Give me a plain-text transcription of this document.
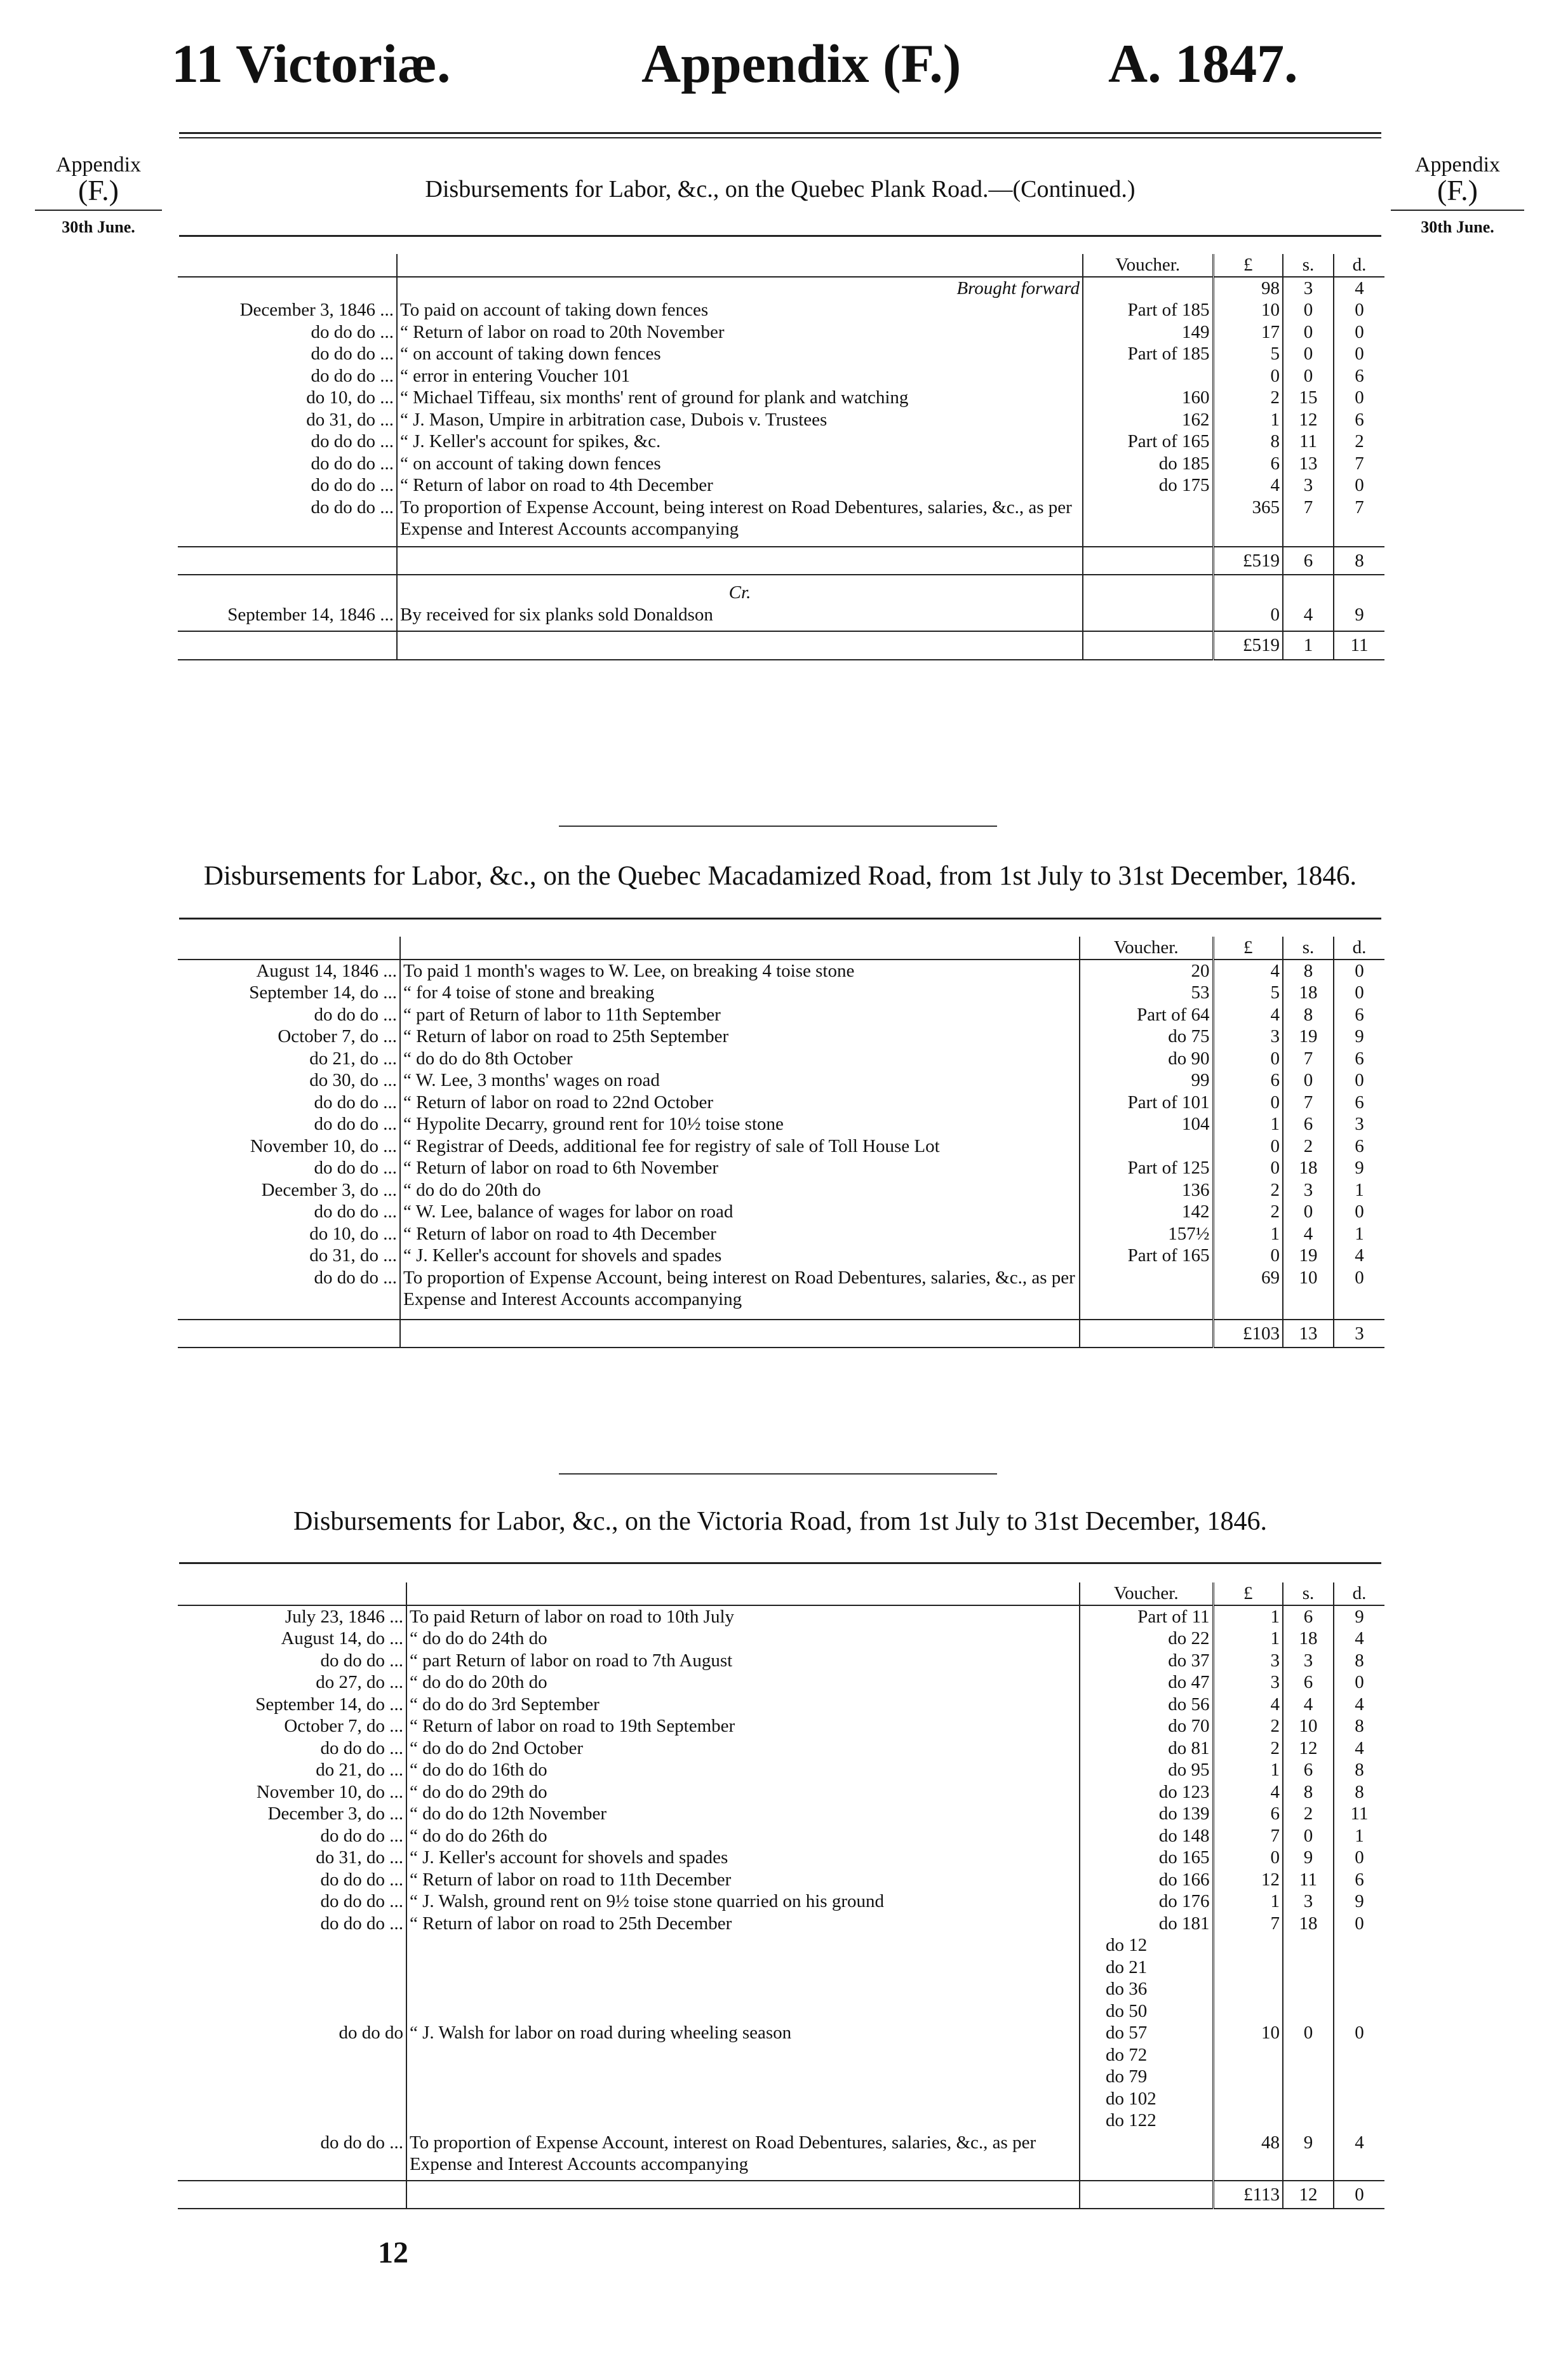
11 Victoriæ.	Appendix (F.)	A. 1847.
Appendix
(F.)
30th June.
Appendix
(F.)
30th June.
Disbursements for Labor, &c., on the Quebec Plank Road.—(Continued.)
		Voucher.	£	s.	d.
	Brought forward		98	3	4
December 3, 1846 ...	To paid on account of taking down fences	Part of 185	10	0	0
do do do ...	“ Return of labor on road to 20th November	149	17	0	0
do do do ...	“ on account of taking down fences	Part of 185	5	0	0
do do do ...	“ error in entering Voucher 101		0	0	6
do 10, do ...	“ Michael Tiffeau, six months' rent of ground for plank and watching	160	2	15	0
do 31, do ...	“ J. Mason, Umpire in arbitration case, Dubois v. Trustees	162	1	12	6
do do do ...	“ J. Keller's account for spikes, &c.	Part of 165	8	11	2
do do do ...	“ on account of taking down fences	do 185	6	13	7
do do do ...	“ Return of labor on road to 4th December	do 175	4	3	0
do do do ...	To proportion of Expense Account, being interest on Road Debentures, salaries, &c., as per Expense and Interest Accounts accompanying		365	7	7

			£519	6	8

	Cr.				
September 14, 1846 ...	By received for six planks sold Donaldson		0	4	9

			£519	1	11
Disbursements for Labor, &c., on the Quebec Macadamized Road, from 1st July to 31st December, 1846.
		Voucher.	£	s.	d.
August 14, 1846 ...	To paid 1 month's wages to W. Lee, on breaking 4 toise stone	20	4	8	0
September 14, do ...	“ for 4 toise of stone and breaking	53	5	18	0
do do do ...	“ part of Return of labor to 11th September	Part of 64	4	8	6
October 7, do ...	“ Return of labor on road to 25th September	do 75	3	19	9
do 21, do ...	“ do do do 8th October	do 90	0	7	6
do 30, do ...	“ W. Lee, 3 months' wages on road	99	6	0	0
do do do ...	“ Return of labor on road to 22nd October	Part of 101	0	7	6
do do do ...	“ Hypolite Decarry, ground rent for 10½ toise stone	104	1	6	3
November 10, do ...	“ Registrar of Deeds, additional fee for registry of sale of Toll House Lot		0	2	6
do do do ...	“ Return of labor on road to 6th November	Part of 125	0	18	9
December 3, do ...	“ do do do 20th do	136	2	3	1
do do do ...	“ W. Lee, balance of wages for labor on road	142	2	0	0
do 10, do ...	“ Return of labor on road to 4th December	157½	1	4	1
do 31, do ...	“ J. Keller's account for shovels and spades	Part of 165	0	19	4
do do do ...	To proportion of Expense Account, being interest on Road Debentures, salaries, &c., as per Expense and Interest Accounts accompanying		69	10	0

			£103	13	3
Disbursements for Labor, &c., on the Victoria Road, from 1st July to 31st December, 1846.
		Voucher.	£	s.	d.
July 23, 1846 ...	To paid Return of labor on road to 10th July	Part of 11	1	6	9
August 14, do ...	“ do do do 24th do	do 22	1	18	4
do do do ...	“ part Return of labor on road to 7th August	do 37	3	3	8
do 27, do ...	“ do do do 20th do	do 47	3	6	0
September 14, do ...	“ do do do 3rd September	do 56	4	4	4
October 7, do ...	“ Return of labor on road to 19th September	do 70	2	10	8
do do do ...	“ do do do 2nd October	do 81	2	12	4
do 21, do ...	“ do do do 16th do	do 95	1	6	8
November 10, do ...	“ do do do 29th do	do 123	4	8	8
December 3, do ...	“ do do do 12th November	do 139	6	2	11
do do do ...	“ do do do 26th do	do 148	7	0	1
do 31, do ...	“ J. Keller's account for shovels and spades	do 165	0	9	0
do do do ...	“ Return of labor on road to 11th December	do 166	12	11	6
do do do ...	“ J. Walsh, ground rent on 9½ toise stone quarried on his ground	do 176	1	3	9
do do do ...	“ Return of labor on road to 25th December	do 181	7	18	0
		do 12			
		do 21			
		do 36			
		do 50			
do do do	“ J. Walsh for labor on road during wheeling season	do 57	10	0	0
		do 72			
		do 79			
		do 102			
		do 122			
do do do ...	To proportion of Expense Account, interest on Road Debentures, salaries, &c., as per Expense and Interest Accounts accompanying		48	9	4

			£113	12	0
12
